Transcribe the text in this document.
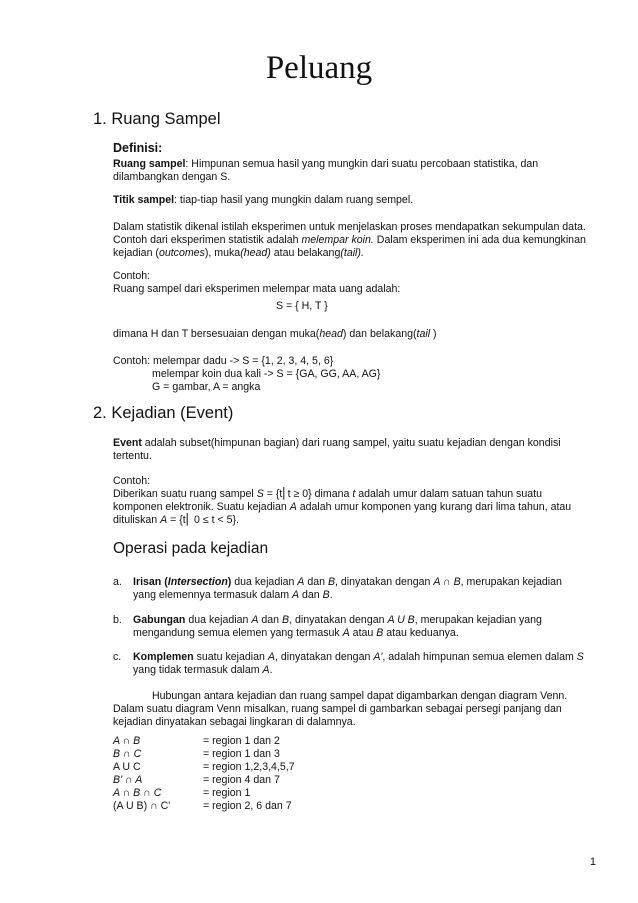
Peluang
1. Ruang Sampel
Definisi:
Ruang sampel: Himpunan semua hasil yang mungkin dari suatu percobaan statistika, dan
dilambangkan dengan S.
Titik sampel: tiap-tiap hasil yang mungkin dalam ruang sempel.
Dalam statistik dikenal istilah eksperimen untuk menjelaskan proses mendapatkan sekumpulan data.
Contoh dari eksperimen statistik adalah melempar koin. Dalam eksperimen ini ada dua kemungkinan
kejadian (outcomes), muka(head) atau belakang(tail).
Contoh:
Ruang sampel dari eksperimen melempar mata uang adalah:
S = { H, T }
dimana H dan T bersesuaian dengan muka(head) dan belakang(tail )
Contoh: melempar dadu -> S = {1, 2, 3, 4, 5, 6}
melempar koin dua kali -> S = {GA, GG, AA, AG}
G = gambar, A = angka
2. Kejadian (Event)
Event adalah subset(himpunan bagian) dari ruang sampel, yaitu suatu kejadian dengan kondisi
tertentu.
Contoh:
Diberikan suatu ruang sampel S = {t⎢t ≥ 0} dimana t adalah umur dalam satuan tahun suatu
komponen elektronik. Suatu kejadian A adalah umur komponen yang kurang dari lima tahun, atau
dituliskan A = {t⎢ 0 ≤ t < 5}.
Operasi pada kejadian
a. Irisan (Intersection) dua kejadian A dan B, dinyatakan dengan A ∩ B, merupakan kejadian
yang elemennya termasuk dalam A dan B.
b. Gabungan dua kejadian A dan B, dinyatakan dengan A U B, merupakan kejadian yang
mengandung semua elemen yang termasuk A atau B atau keduanya.
c. Komplemen suatu kejadian A, dinyatakan dengan A', adalah himpunan semua elemen dalam S
yang tidak termasuk dalam A.
Hubungan antara kejadian dan ruang sampel dapat digambarkan dengan diagram Venn.
Dalam suatu diagram Venn misalkan, ruang sampel di gambarkan sebagai persegi panjang dan
kejadian dinyatakan sebagai lingkaran di dalamnya.
A ∩ B	= region 1 dan 2
B ∩ C	= region 1 dan 3
A U C	= region 1,2,3,4,5,7
B' ∩ A	= region 4 dan 7
A ∩ B ∩ C	= region 1
(A U B) ∩ C'	= region 2, 6 dan 7
1
